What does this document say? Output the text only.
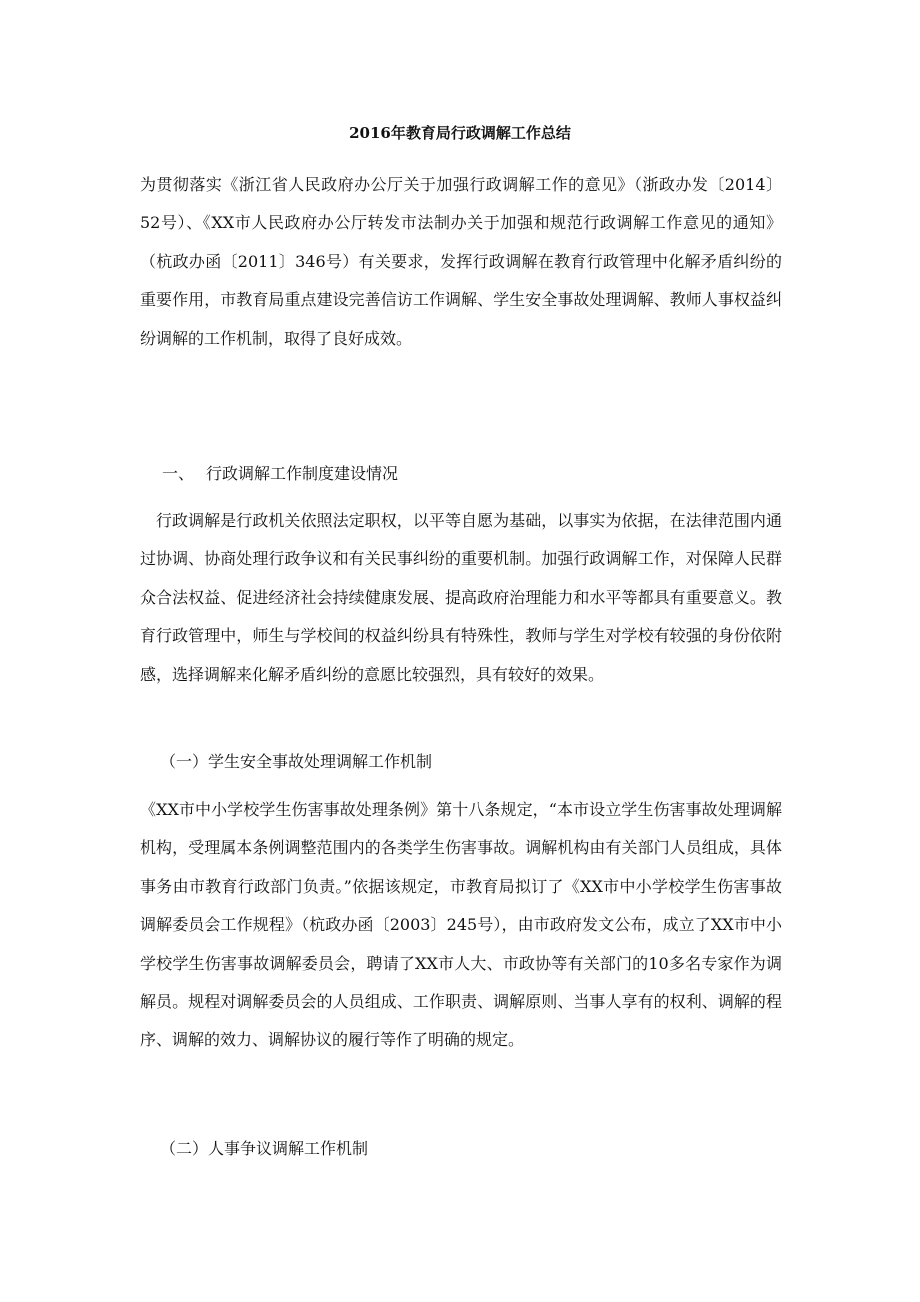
2016年教育局行政调解工作总结

为贯彻落实《浙江省人民政府办公厅关于加强行政调解工作的意见》（浙政办发〔2014〕52号）、《XX市人民政府办公厅转发市法制办关于加强和规范行政调解工作意见的通知》（杭政办函〔2011〕346号）有关要求，发挥行政调解在教育行政管理中化解矛盾纠纷的重要作用，市教育局重点建设完善信访工作调解、学生安全事故处理调解、教师人事权益纠纷调解的工作机制，取得了良好成效。

一、 行政调解工作制度建设情况

行政调解是行政机关依照法定职权，以平等自愿为基础，以事实为依据，在法律范围内通过协调、协商处理行政争议和有关民事纠纷的重要机制。加强行政调解工作，对保障人民群众合法权益、促进经济社会持续健康发展、提高政府治理能力和水平等都具有重要意义。教育行政管理中，师生与学校间的权益纠纷具有特殊性，教师与学生对学校有较强的身份依附感，选择调解来化解矛盾纠纷的意愿比较强烈，具有较好的效果。

（一）学生安全事故处理调解工作机制

《XX市中小学校学生伤害事故处理条例》第十八条规定，“本市设立学生伤害事故处理调解机构，受理属本条例调整范围内的各类学生伤害事故。调解机构由有关部门人员组成，具体事务由市教育行政部门负责。”依据该规定，市教育局拟订了《XX市中小学校学生伤害事故调解委员会工作规程》（杭政办函〔2003〕245号），由市政府发文公布，成立了XX市中小学校学生伤害事故调解委员会，聘请了XX市人大、市政协等有关部门的10多名专家作为调解员。规程对调解委员会的人员组成、工作职责、调解原则、当事人享有的权利、调解的程序、调解的效力、调解协议的履行等作了明确的规定。

（二）人事争议调解工作机制
